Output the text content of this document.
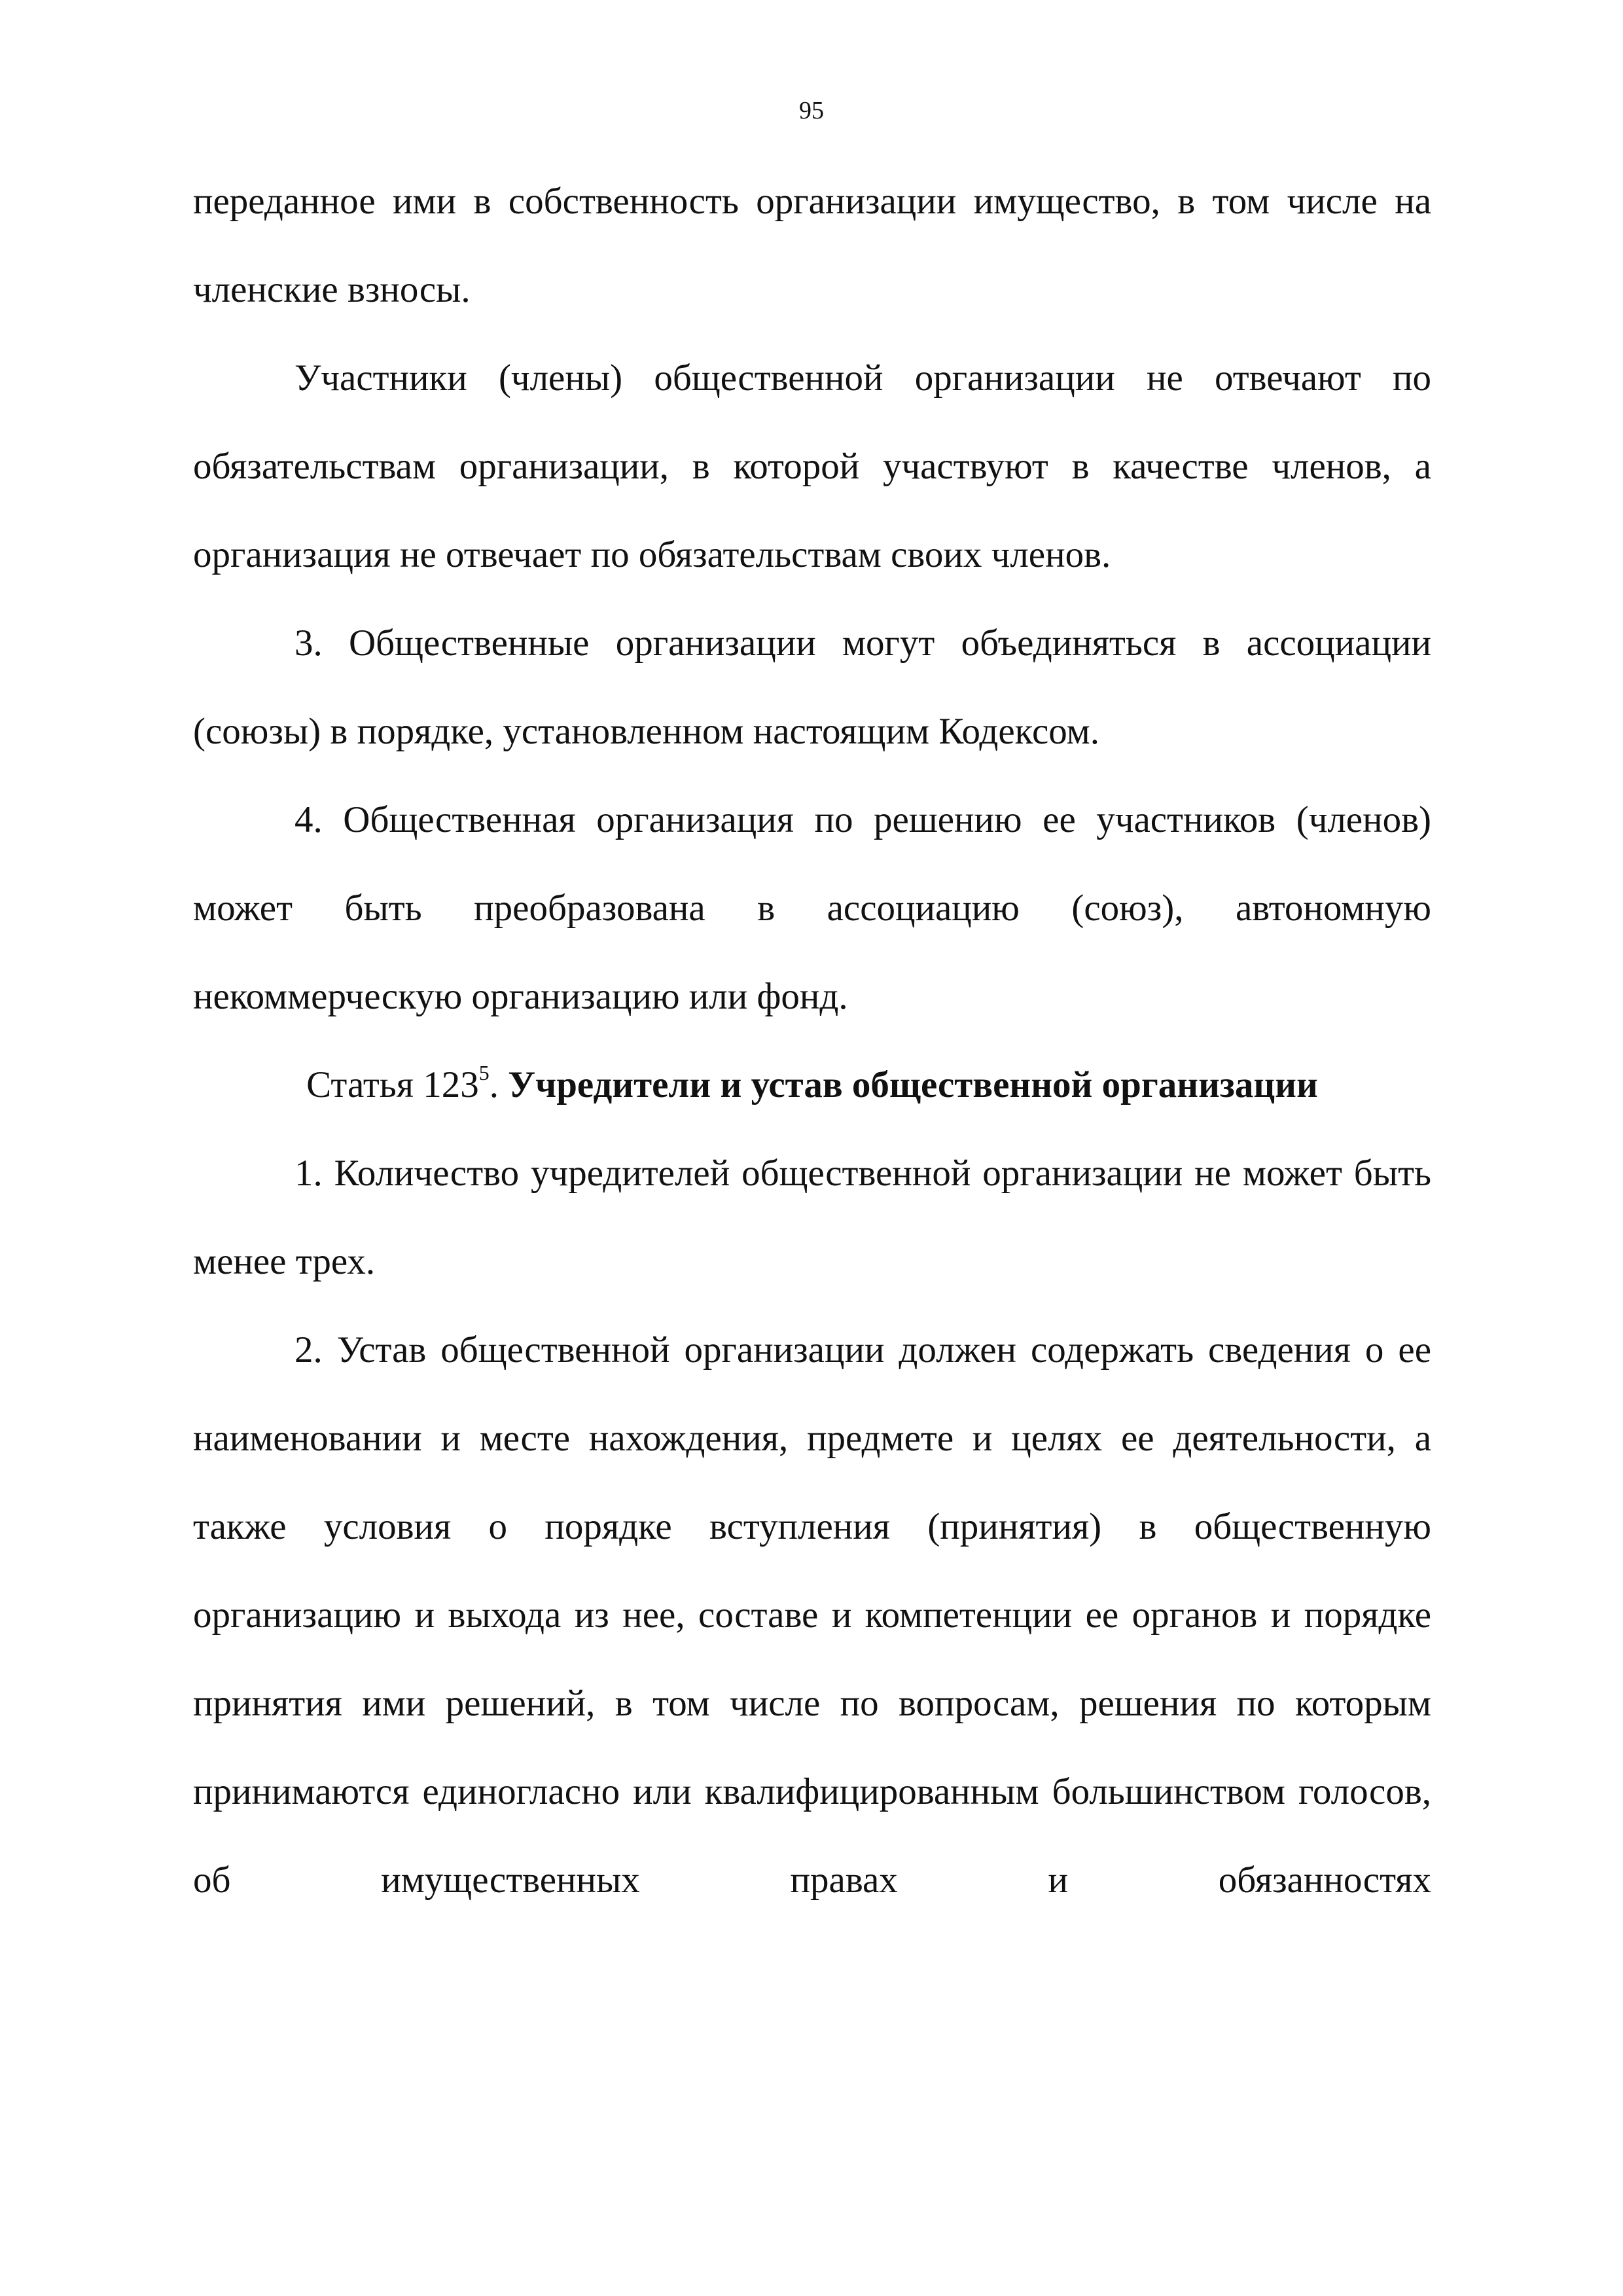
95

переданное ими в собственность организации имущество, в том числе на членские взносы.

Участники (члены) общественной организации не отвечают по обязательствам организации, в которой участвуют в качестве членов, а организация не отвечает по обязательствам своих членов.

3. Общественные организации могут объединяться в ассоциации (союзы) в порядке, установленном настоящим Кодексом.

4. Общественная организация по решению ее участников (членов) может быть преобразована в ассоциацию (союз), автономную некоммерческую организацию или фонд.

Статья $123^5$. Учредители и устав общественной организации

1. Количество учредителей общественной организации не может быть менее трех.

2. Устав общественной организации должен содержать сведения о ее наименовании и месте нахождения, предмете и целях ее деятельности, а также условия о порядке вступления (принятия) в общественную организацию и выхода из нее, составе и компетенции ее органов и порядке принятия ими решений, в том числе по вопросам, решения по которым принимаются единогласно или квалифицированным большинством голосов, об имущественных правах и обязанностях
